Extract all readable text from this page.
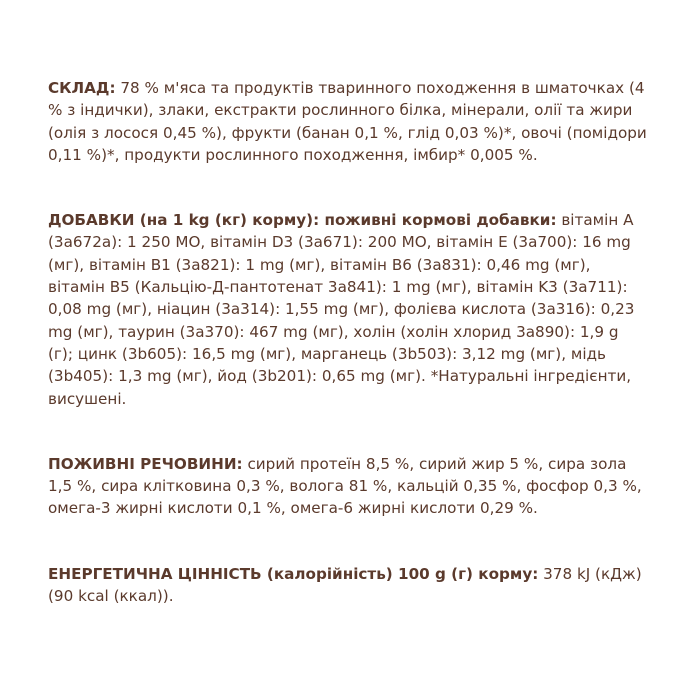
СКЛАД: 78 % м'яса та продуктів тваринного походження в шматочках (4 % з індички), злаки, екстракти рослинного білка, мінерали, олії та жири (олія з лосося 0,45 %), фрукти (банан 0,1 %, глід 0,03 %)*, овочі (помідори 0,11 %)*, продукти рослинного походження, імбир* 0,005 %.

ДОБАВКИ (на 1 kg (кг) корму): поживні кормові добавки: вітамін A (3a672a): 1 250 МО, вітамін D3 (3a671): 200 МО, вітамін E (3a700): 16 mg (мг), вітамін B1 (3a821): 1 mg (мг), вітамін B6 (3a831): 0,46 mg (мг), вітамін B5 (Кальцію-Д-пантотенат 3a841): 1 mg (мг), вітамін K3 (3a711): 0,08 mg (мг), ніацин (3a314): 1,55 mg (мг), фолієва кислота (3a316): 0,23 mg (мг), таурин (3a370): 467 mg (мг), холін (холін хлорид 3a890): 1,9 g (г); цинк (3b605): 16,5 mg (мг), марганець (3b503): 3,12 mg (мг), мідь (3b405): 1,3 mg (мг), йод (3b201): 0,65 mg (мг). *Натуральні інгредієнти, висушені.

ПОЖИВНІ РЕЧОВИНИ: сирий протеїн 8,5 %, сирий жир 5 %, сира зола 1,5 %, сира клітковина 0,3 %, волога 81 %, кальцій 0,35 %, фосфор 0,3 %, омега-3 жирні кислоти 0,1 %, омега-6 жирні кислоти 0,29 %.

ЕНЕРГЕТИЧНА ЦІННІСТЬ (калорійність) 100 g (г) корму: 378 kJ (кДж) (90 kcal (ккал)).
